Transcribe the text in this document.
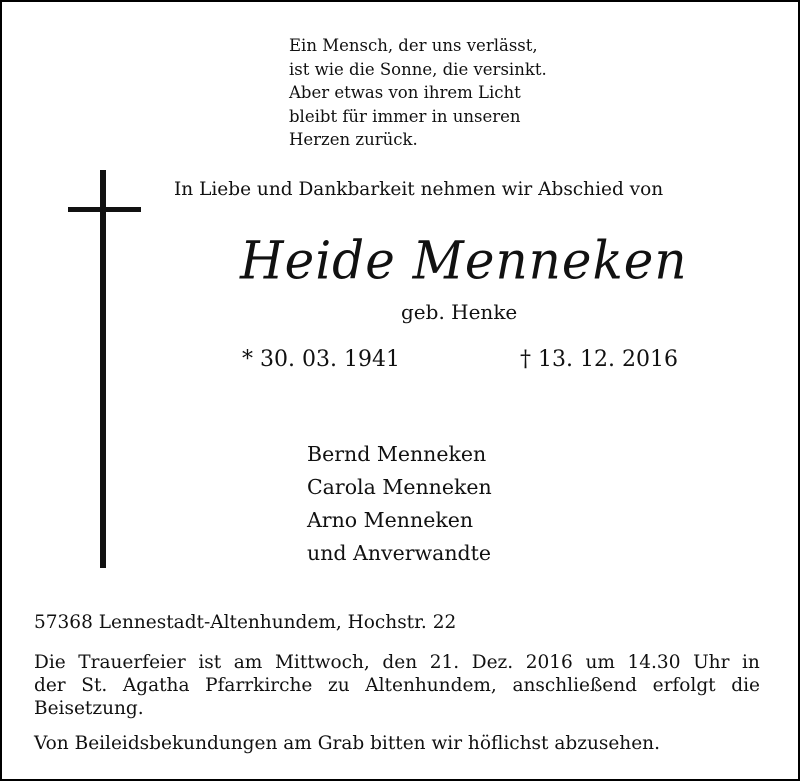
Ein Mensch, der uns verlässt,
ist wie die Sonne, die versinkt.
Aber etwas von ihrem Licht
bleibt für immer in unseren
Herzen zurück.
In Liebe und Dankbarkeit nehmen wir Abschied von
Heide Menneken
geb. Henke
* 30. 03. 1941	† 13. 12. 2016
Bernd Menneken
Carola Menneken
Arno Menneken
und Anverwandte
57368 Lennestadt-Altenhundem, Hochstr. 22
Die Trauerfeier ist am Mittwoch, den 21. Dez. 2016 um 14.30 Uhr in
der St. Agatha Pfarrkirche zu Altenhundem, anschließend erfolgt die
Beisetzung.
Von Beileidsbekundungen am Grab bitten wir höflichst abzusehen.
